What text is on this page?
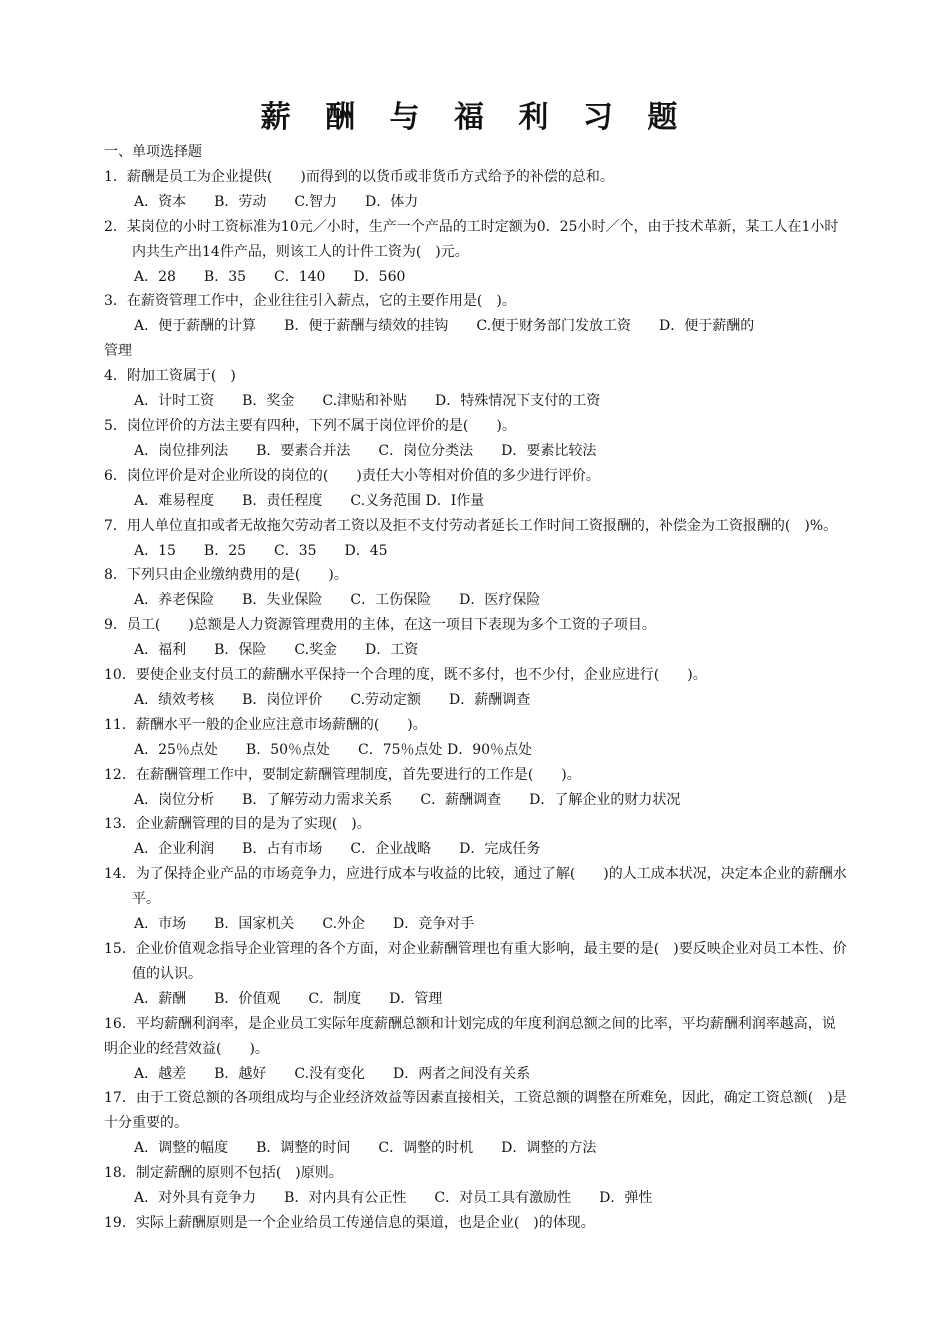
薪 酬 与 福 利 习 题

一、单项选择题

1．薪酬是员工为企业提供(　　)而得到的以货币或非货币方式给予的补偿的总和。

A．资本　　B．劳动　　C.智力　　D．体力

2．某岗位的小时工资标准为10元／小时，生产一个产品的工时定额为0．25小时／个，由于技术革新，某工人在1小时内共生产出14件产品，则该工人的计件工资为(　)元。

A．28　　B．35　　C．140　　D．560

3．在薪资管理工作中，企业往往引入薪点，它的主要作用是(　)。

A．便于薪酬的计算　　B．便于薪酬与绩效的挂钩　　C.便于财务部门发放工资　　D．便于薪酬的

管理

4．附加工资属于(　)

A．计时工资　　B．奖金　　C.津贴和补贴　　D．特殊情况下支付的工资

5．岗位评价的方法主要有四种，下列不属于岗位评价的是(　　)。

A．岗位排列法　　B．要素合并法　　C．岗位分类法　　D．要素比较法

6．岗位评价是对企业所设的岗位的(　　)责任大小等相对价值的多少进行评价。

A．难易程度　　B．责任程度　　C.义务范围 D．I作量

7．用人单位直扣或者无故拖欠劳动者工资以及拒不支付劳动者延长工作时间工资报酬的，补偿金为工资报酬的(　)%。

A．15　　B．25　　C．35　　D．45

8．下列只由企业缴纳费用的是(　　)。

A．养老保险　　B．失业保险　　C．工伤保险　　D．医疗保险

9．员工(　　)总额是人力资源管理费用的主体，在这一项目下表现为多个工资的子项目。

A．福利　　B．保险　　C.奖金　　D．工资

10．要使企业支付员工的薪酬水平保持一个合理的度，既不多付，也不少付，企业应进行(　　)。

A．绩效考核　　B．岗位评价　　C.劳动定额　　D．薪酬调查

11．薪酬水平一般的企业应注意市场薪酬的(　　)。

A．25％点处　　B．50％点处　　C．75％点处 D．90％点处

12．在薪酬管理工作中，要制定薪酬管理制度，首先要进行的工作是(　　)。

A．岗位分析　　B．了解劳动力需求关系　　C．薪酬调查　　D．了解企业的财力状况

13．企业薪酬管理的目的是为了实现(　)。

A．企业利润　　B．占有市场　　C．企业战略　　D．完成任务

14．为了保持企业产品的市场竞争力，应进行成本与收益的比较，通过了解(　　)的人工成本状况，决定本企业的薪酬水平。

A．市场　　B．国家机关　　C.外企　　D．竞争对手

15．企业价值观念指导企业管理的各个方面，对企业薪酬管理也有重大影响，最主要的是(　)要反映企业对员工本性、价值的认识。

A．薪酬　　B．价值观　　C．制度　　D．管理

16．平均薪酬利润率，是企业员工实际年度薪酬总额和计划完成的年度利润总额之间的比率，平均薪酬利润率越高，说明企业的经营效益(　　)。

A．越差　　B．越好　　C.没有变化　　D．两者之间没有关系

17．由于工资总额的各项组成均与企业经济效益等因素直接相关，工资总额的调整在所难免，因此，确定工资总额(　)是十分重要的。

A．调整的幅度　　B．调整的时间　　C．调整的时机　　D．调整的方法

18．制定薪酬的原则不包括(　)原则。

A．对外具有竞争力　　B．对内具有公正性　　C．对员工具有激励性　　D．弹性

19．实际上薪酬原则是一个企业给员工传递信息的渠道，也是企业(　)的体现。
